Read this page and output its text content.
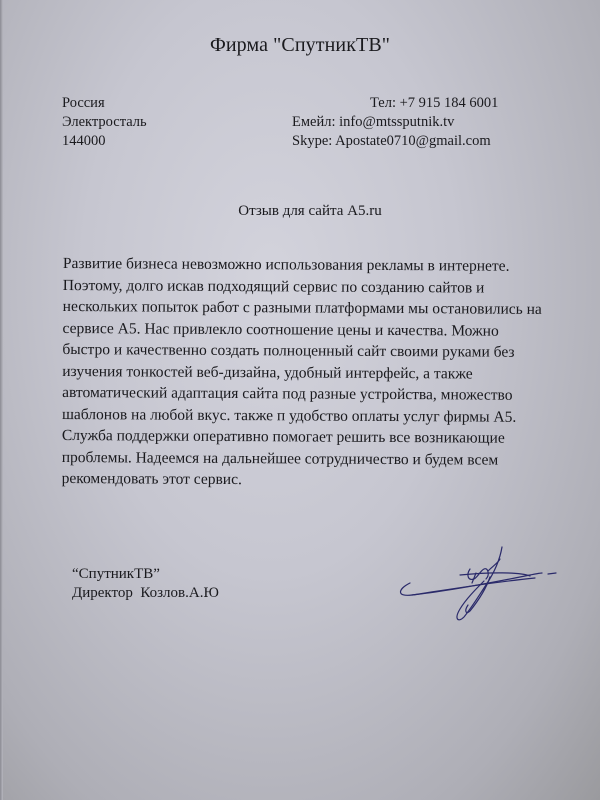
Фирма "СпутникТВ"
Россия
Электросталь
144000
Тел: +7 915 184 6001
Емейл: info@mtssputnik.tv
Skype: Apostate0710@gmail.com
Отзыв для сайта A5.ru
Развитие бизнеса невозможно использования рекламы в интернете.
Поэтому, долго искав подходящий сервис по созданию сайтов и
нескольких попыток работ с разными платформами мы остановились на
сервисе A5. Нас привлекло соотношение цены и качества. Можно
быстро и качественно создать полноценный сайт своими руками без
изучения тонкостей веб-дизайна, удобный интерфейс, а также
автоматический адаптация сайта под разные устройства, множество
шаблонов на любой вкус. также п удобство оплаты услуг фирмы A5.
Служба поддержки оперативно помогает решить все возникающие
проблемы. Надеемся на дальнейшее сотрудничество и будем всем
рекомендовать этот сервис.
“СпутникТВ”
Директор  Козлов.А.Ю
